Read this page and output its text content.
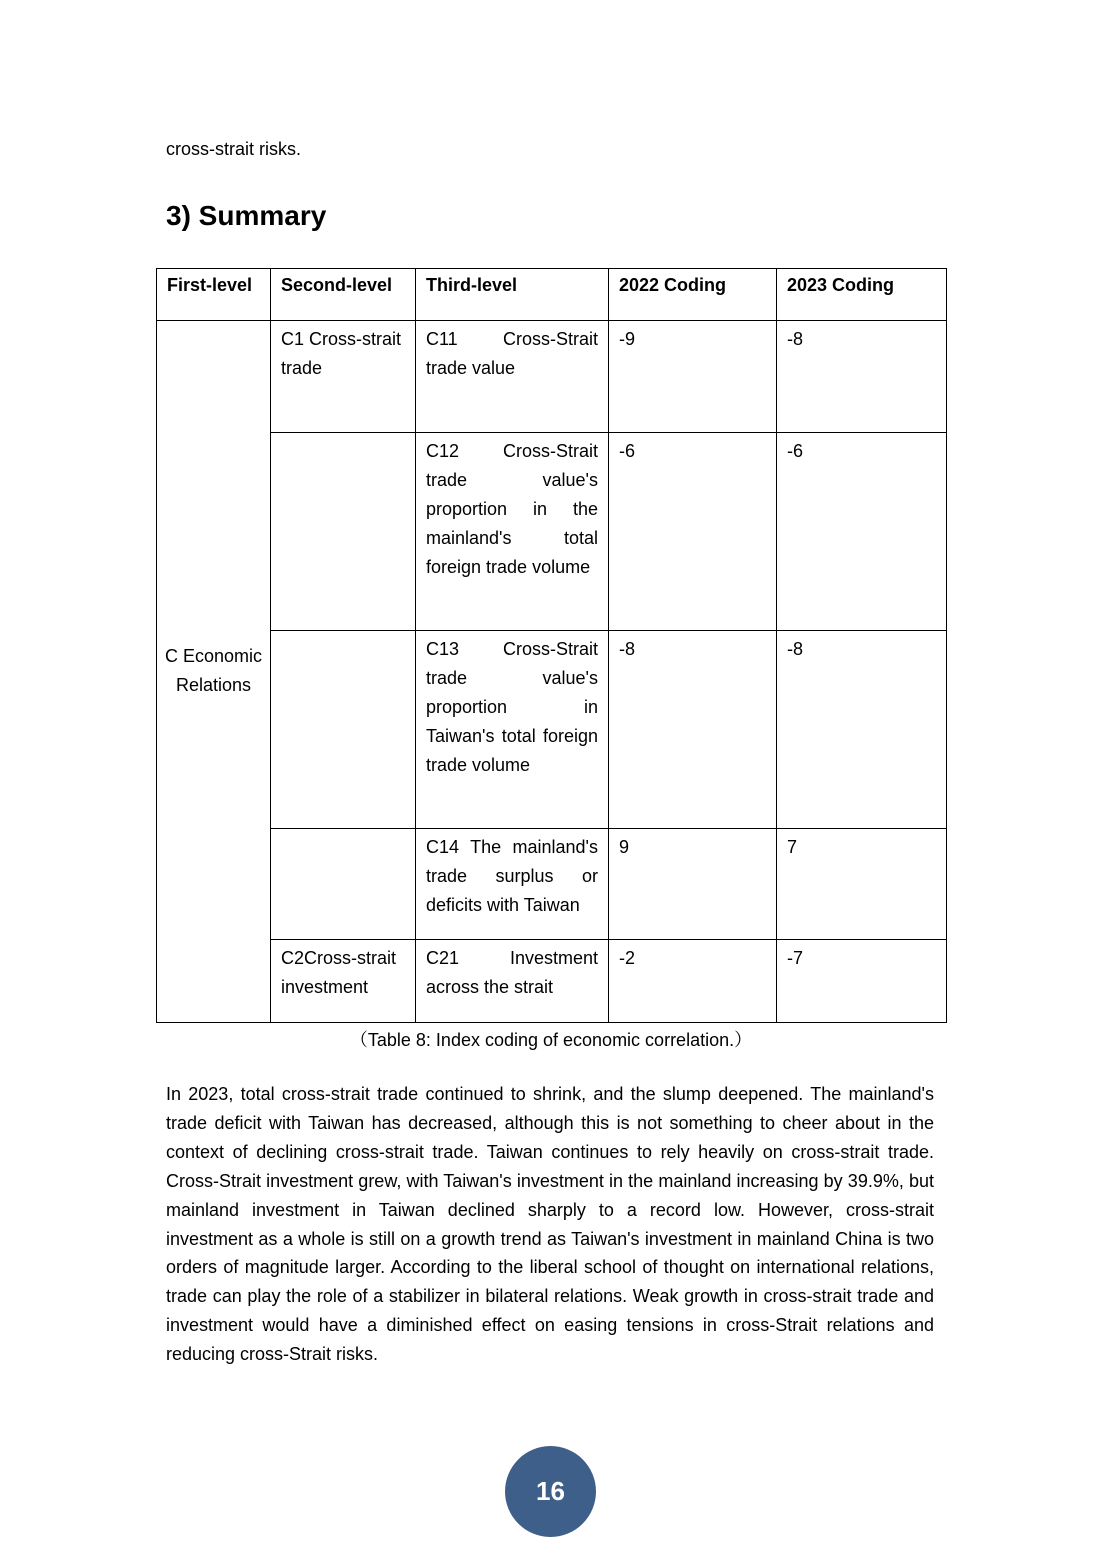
cross-strait risks.

3) Summary
First-level	Second-level	Third-level	2022 Coding	2023 Coding
C Economic Relations	C1 Cross-strait trade	C11 Cross-Strait trade value	-9	-8
		C12 Cross-Strait trade value's proportion in the mainland's total foreign trade volume	-6	-6
		C13 Cross-Strait trade value's proportion in Taiwan's total foreign trade volume	-8	-8
		C14 The mainland's trade surplus or deficits with Taiwan	9	7
	C2Cross-strait investment	C21 Investment across the strait	-2	-7

（Table 8: Index coding of economic correlation.）

In 2023, total cross-strait trade continued to shrink, and the slump deepened. The mainland's trade deficit with Taiwan has decreased, although this is not something to cheer about in the context of declining cross-strait trade. Taiwan continues to rely heavily on cross-strait trade. Cross-Strait investment grew, with Taiwan's investment in the mainland increasing by 39.9%, but mainland investment in Taiwan declined sharply to a record low. However, cross-strait investment as a whole is still on a growth trend as Taiwan's investment in mainland China is two orders of magnitude larger. According to the liberal school of thought on international relations, trade can play the role of a stabilizer in bilateral relations. Weak growth in cross-strait trade and investment would have a diminished effect on easing tensions in cross-Strait relations and reducing cross-Strait risks.

16
